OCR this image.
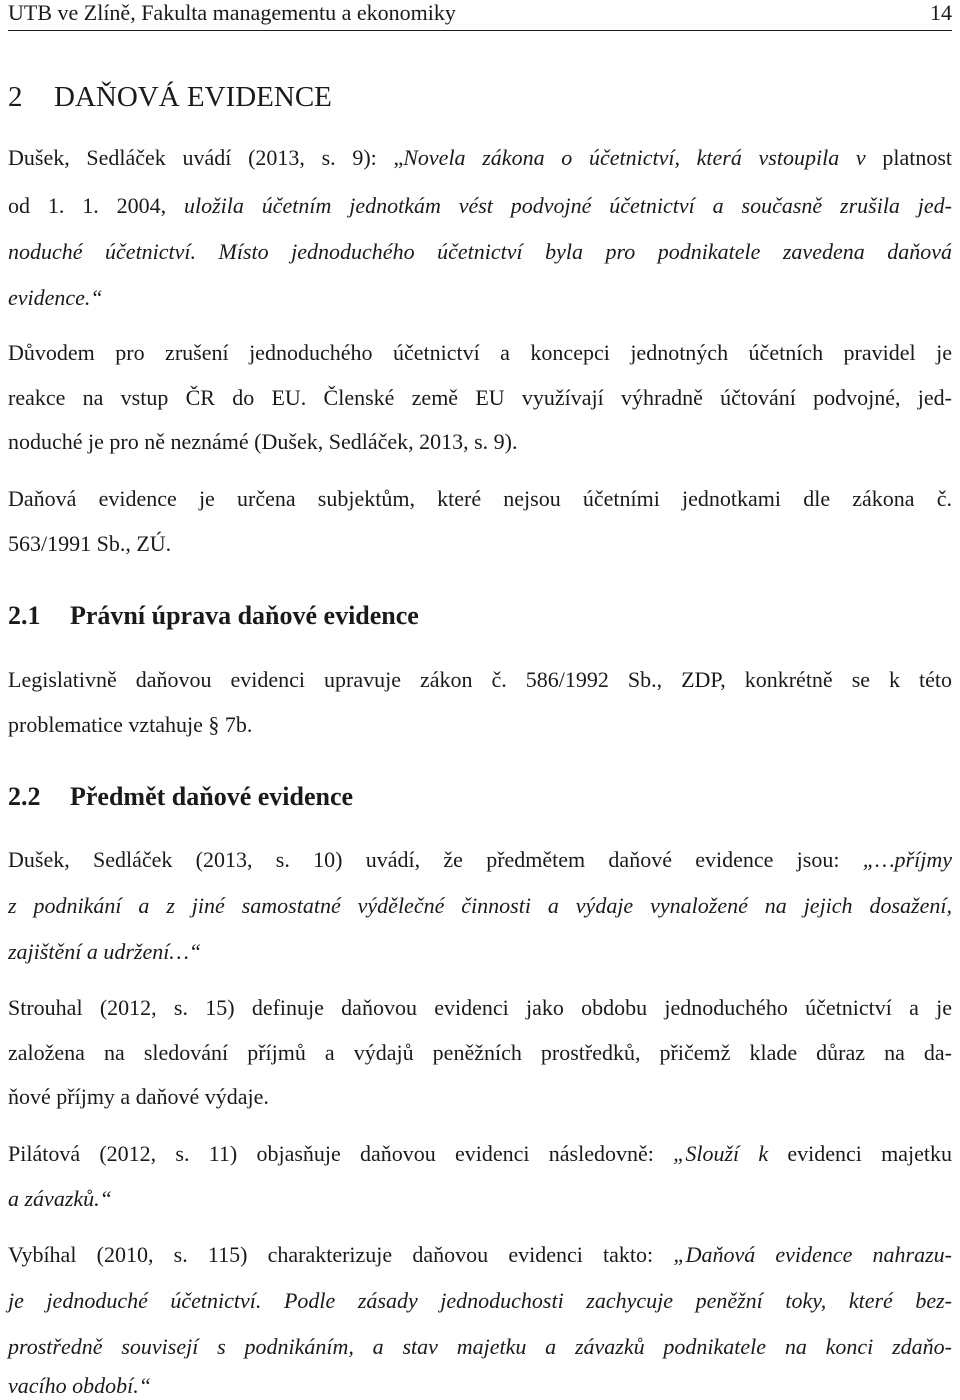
UTB ve Zlíně, Fakulta managementu a ekonomiky	14
2 DAŇOVÁ EVIDENCE
Dušek, Sedláček uvádí (2013, s. 9): „Novela zákona o účetnictví, která vstoupila v platnost
od 1. 1. 2004, uložila účetním jednotkám vést podvojné účetnictví a současně zrušila jed-
noduché účetnictví. Místo jednoduchého účetnictví byla pro podnikatele zavedena daňová
evidence.“
Důvodem pro zrušení jednoduchého účetnictví a koncepci jednotných účetních pravidel je
reakce na vstup ČR do EU. Členské země EU využívají výhradně účtování podvojné, jed-
noduché je pro ně neznámé (Dušek, Sedláček, 2013, s. 9).
Daňová evidence je určena subjektům, které nejsou účetními jednotkami dle zákona č.
563/1991 Sb., ZÚ.
2.1 Právní úprava daňové evidence
Legislativně daňovou evidenci upravuje zákon č. 586/1992 Sb., ZDP, konkrétně se k této
problematice vztahuje § 7b.
2.2 Předmět daňové evidence
Dušek, Sedláček (2013, s. 10) uvádí, že předmětem daňové evidence jsou: „…příjmy
z podnikání a z jiné samostatné výdělečné činnosti a výdaje vynaložené na jejich dosažení,
zajištění a udržení…“
Strouhal (2012, s. 15) definuje daňovou evidenci jako obdobu jednoduchého účetnictví a je
založena na sledování příjmů a výdajů peněžních prostředků, přičemž klade důraz na da-
ňové příjmy a daňové výdaje.
Pilátová (2012, s. 11) objasňuje daňovou evidenci následovně: „Slouží k evidenci majetku
a závazků.“
Vybíhal (2010, s. 115) charakterizuje daňovou evidenci takto: „Daňová evidence nahrazu-
je jednoduché účetnictví. Podle zásady jednoduchosti zachycuje peněžní toky, které bez-
prostředně souvisejí s podnikáním, a stav majetku a závazků podnikatele na konci zdaňo-
vacího období.“
